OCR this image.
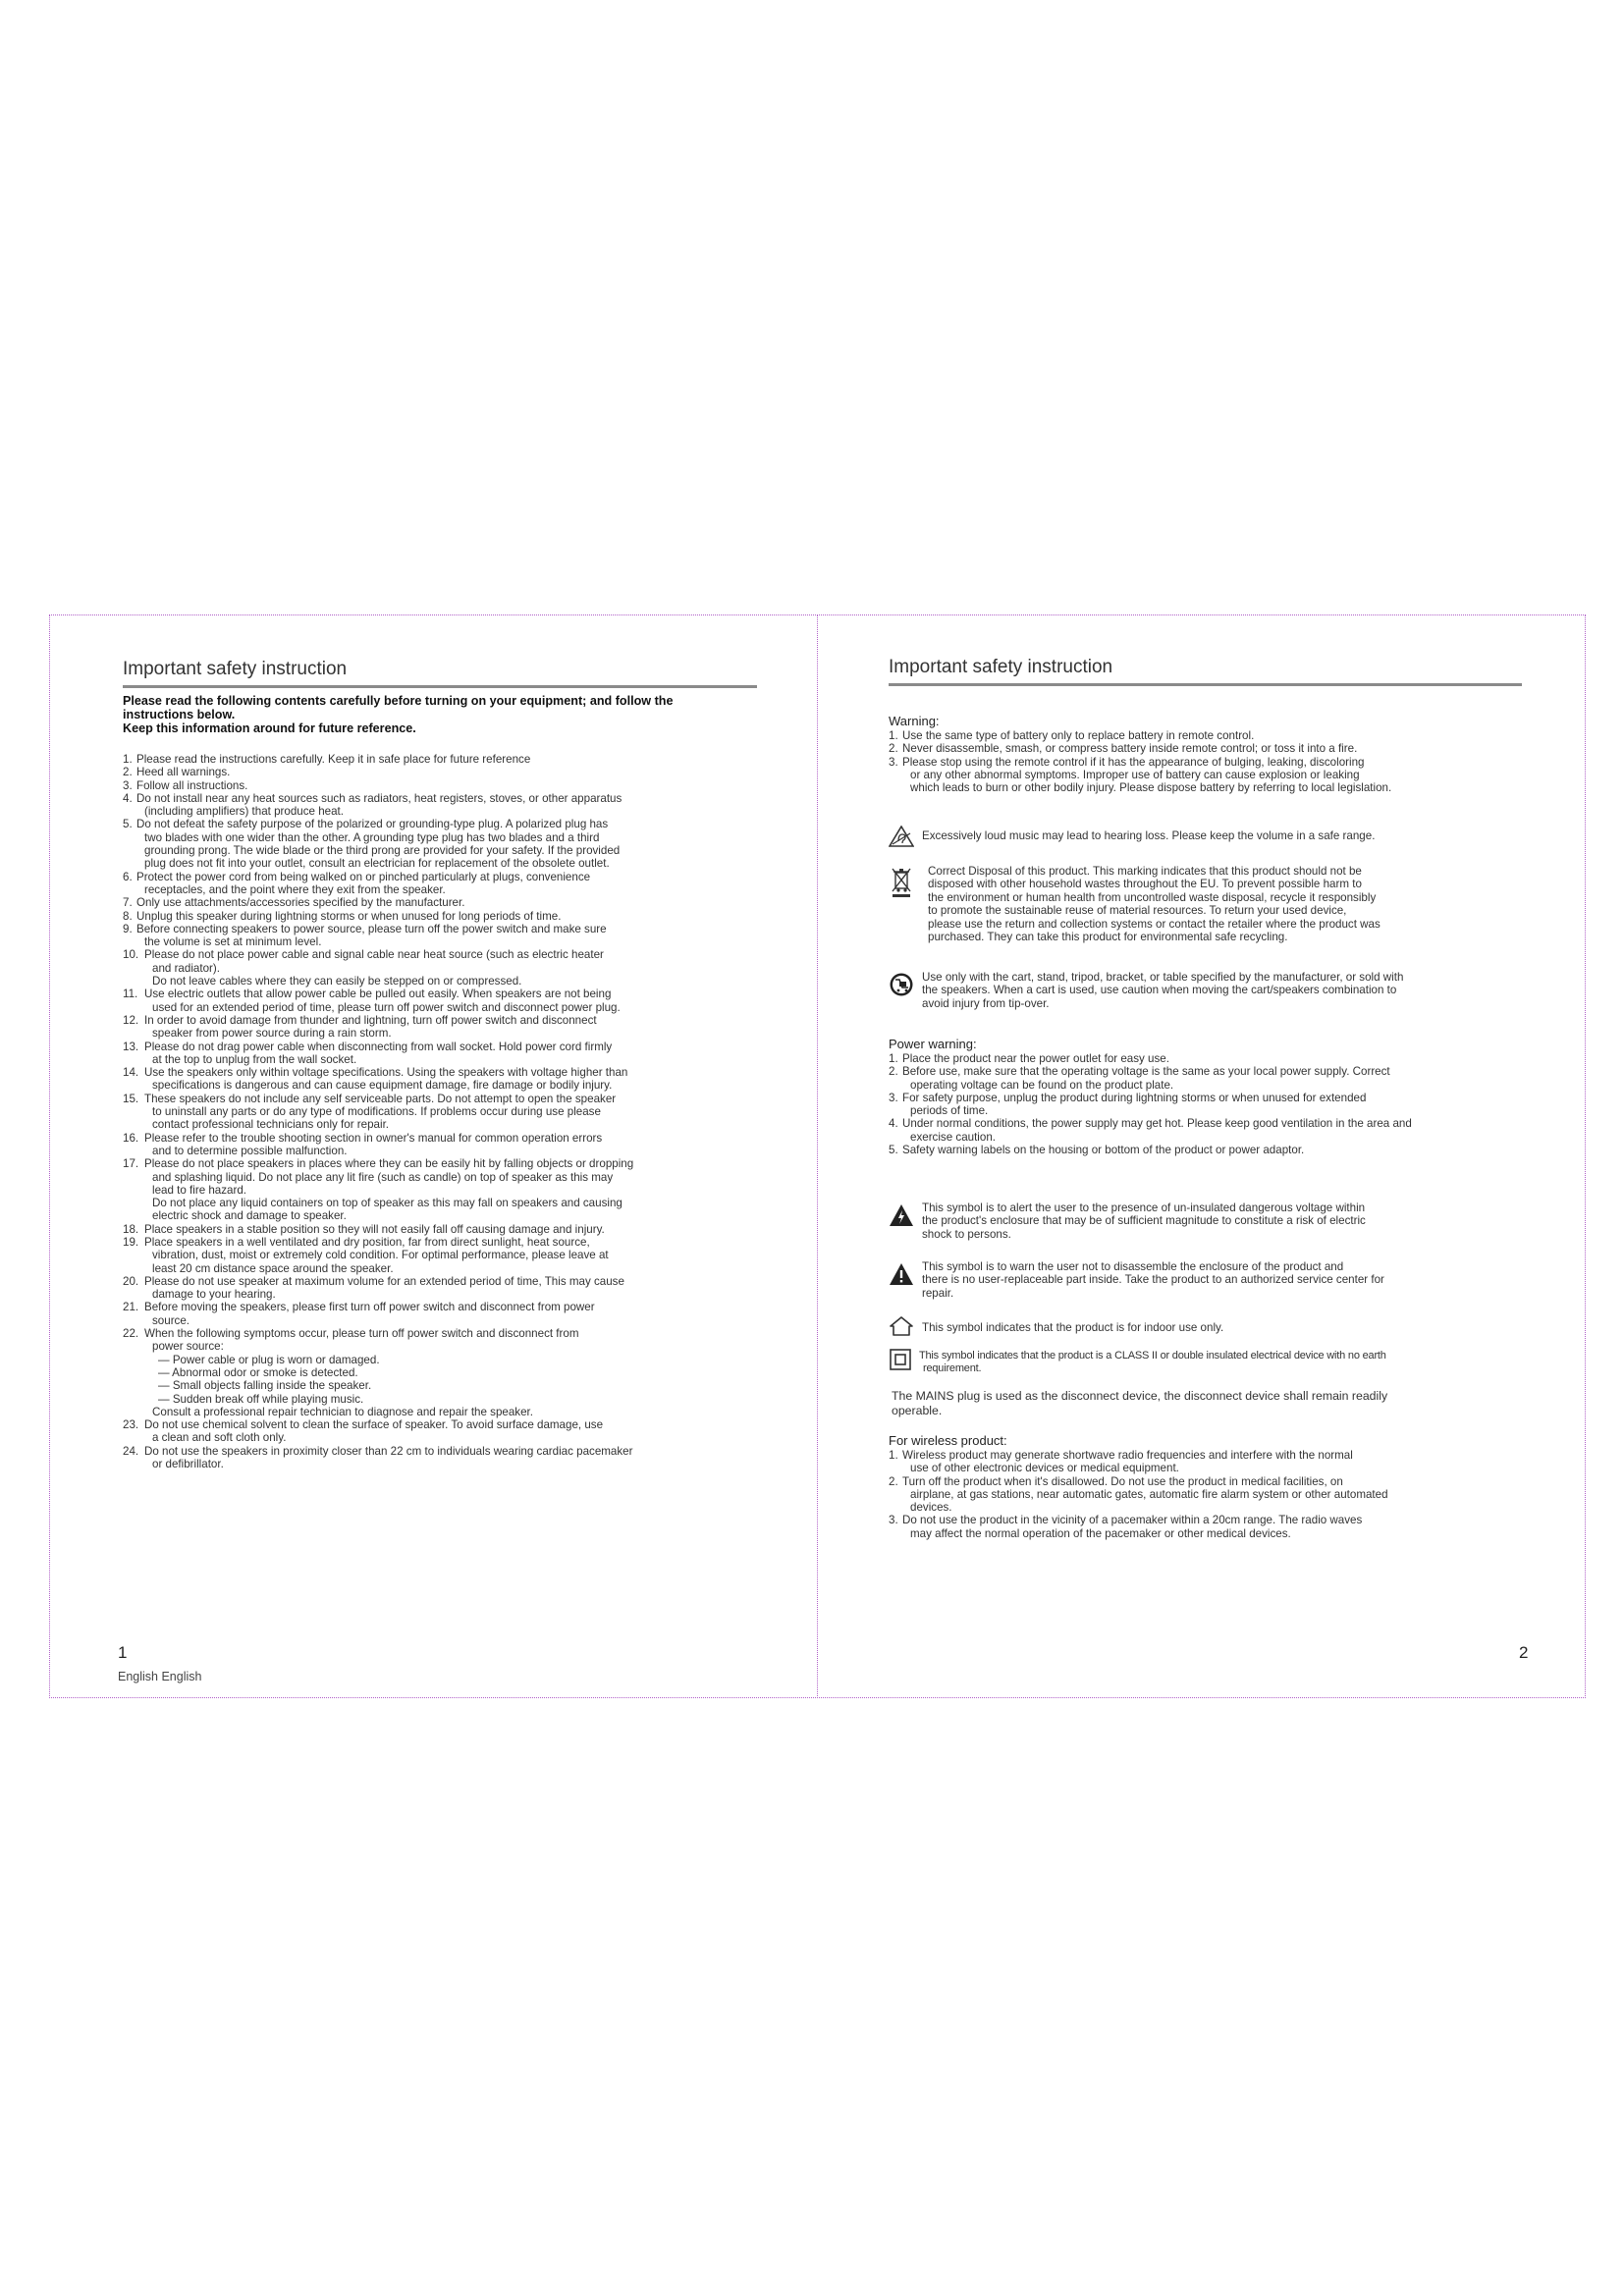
Important safety instruction
Please read the following contents carefully before turning on your equipment; and follow the
instructions below.
Keep this information around for future reference.
1. Please read the instructions carefully. Keep it in safe place for future reference
2. Heed all warnings.
3. Follow all instructions.
4. Do not install near any heat sources such as radiators, heat registers, stoves, or other apparatus
(including amplifiers) that produce heat.
5. Do not defeat the safety purpose of the polarized or grounding-type plug. A polarized plug has
two blades with one wider than the other. A grounding type plug has two blades and a third
grounding prong. The wide blade or the third prong are provided for your safety. If the provided
plug does not fit into your outlet, consult an electrician for replacement of the obsolete outlet.
6. Protect the power cord from being walked on or pinched particularly at plugs, convenience
receptacles, and the point where they exit from the speaker.
7. Only use attachments/accessories specified by the manufacturer.
8. Unplug this speaker during lightning storms or when unused for long periods of time.
9. Before connecting speakers to power source, please turn off the power switch and make sure
the volume is set at minimum level.
10. Please do not place power cable and signal cable near heat source (such as electric heater
and radiator).
Do not leave cables where they can easily be stepped on or compressed.
11. Use electric outlets that allow power cable be pulled out easily. When speakers are not being
used for an extended period of time, please turn off power switch and disconnect power plug.
12. In order to avoid damage from thunder and lightning, turn off power switch and disconnect
speaker from power source during a rain storm.
13. Please do not drag power cable when disconnecting from wall socket. Hold power cord firmly
at the top to unplug from the wall socket.
14. Use the speakers only within voltage specifications. Using the speakers with voltage higher than
specifications is dangerous and can cause equipment damage, fire damage or bodily injury.
15. These speakers do not include any self serviceable parts. Do not attempt to open the speaker
to uninstall any parts or do any type of modifications. If problems occur during use please
contact professional technicians only for repair.
16. Please refer to the trouble shooting section in owner's manual for common operation errors
and to determine possible malfunction.
17. Please do not place speakers in places where they can be easily hit by falling objects or dropping
and splashing liquid. Do not place any lit fire (such as candle) on top of speaker as this may
lead to fire hazard.
Do not place any liquid containers on top of speaker as this may fall on speakers and causing
electric shock and damage to speaker.
18. Place speakers in a stable position so they will not easily fall off causing damage and injury.
19. Place speakers in a well ventilated and dry position, far from direct sunlight, heat source,
vibration, dust, moist or extremely cold condition. For optimal performance, please leave at
least 20 cm distance space around the speaker.
20. Please do not use speaker at maximum volume for an extended period of time, This may cause
damage to your hearing.
21. Before moving the speakers, please first turn off power switch and disconnect from power
source.
22. When the following symptoms occur, please turn off power switch and disconnect from
power source:
— Power cable or plug is worn or damaged.
— Abnormal odor or smoke is detected.
— Small objects falling inside the speaker.
— Sudden break off while playing music.
Consult a professional repair technician to diagnose and repair the speaker.
23. Do not use chemical solvent to clean the surface of speaker. To avoid surface damage, use
a clean and soft cloth only.
24. Do not use the speakers in proximity closer than 22 cm to individuals wearing cardiac pacemaker
or defibrillator.
1
English English
Important safety instruction
Warning:
1. Use the same type of battery only to replace battery in remote control.
2. Never disassemble, smash, or compress battery inside remote control; or toss it into a fire.
3. Please stop using the remote control if it has the appearance of bulging, leaking, discoloring
or any other abnormal symptoms. Improper use of battery can cause explosion or leaking
which leads to burn or other bodily injury. Please dispose battery by referring to local legislation.
Excessively loud music may lead to hearing loss. Please keep the volume in a safe range.
Correct Disposal of this product. This marking indicates that this product should not be
disposed with other household wastes throughout the EU. To prevent possible harm to
the environment or human health from uncontrolled waste disposal, recycle it responsibly
to promote the sustainable reuse of material resources. To return your used device,
please use the return and collection systems or contact the retailer where the product was
purchased. They can take this product for environmental safe recycling.
Use only with the cart, stand, tripod, bracket, or table specified by the manufacturer, or sold with
the speakers. When a cart is used, use caution when moving the cart/speakers combination to
avoid injury from tip-over.
Power warning:
1. Place the product near the power outlet for easy use.
2. Before use, make sure that the operating voltage is the same as your local power supply. Correct
operating voltage can be found on the product plate.
3. For safety purpose, unplug the product during lightning storms or when unused for extended
periods of time.
4. Under normal conditions, the power supply may get hot. Please keep good ventilation in the area and
exercise caution.
5. Safety warning labels on the housing or bottom of the product or power adaptor.
This symbol is to alert the user to the presence of un-insulated dangerous voltage within
the product's enclosure that may be of sufficient magnitude to constitute a risk of electric
shock to persons.
This symbol is to warn the user not to disassemble the enclosure of the product and
there is no user-replaceable part inside. Take the product to an authorized service center for
repair.
This symbol indicates that the product is for indoor use only.
This symbol indicates that the product is a CLASS II or double insulated electrical device with no earth
requirement.
The MAINS plug is used as the disconnect device, the disconnect device shall remain readily
operable.
For wireless product:
1. Wireless product may generate shortwave radio frequencies and interfere with the normal
use of other electronic devices or medical equipment.
2. Turn off the product when it's disallowed. Do not use the product in medical facilities, on
airplane, at gas stations, near automatic gates, automatic fire alarm system or other automated
devices.
3. Do not use the product in the vicinity of a pacemaker within a 20cm range. The radio waves
may affect the normal operation of the pacemaker or other medical devices.
2
